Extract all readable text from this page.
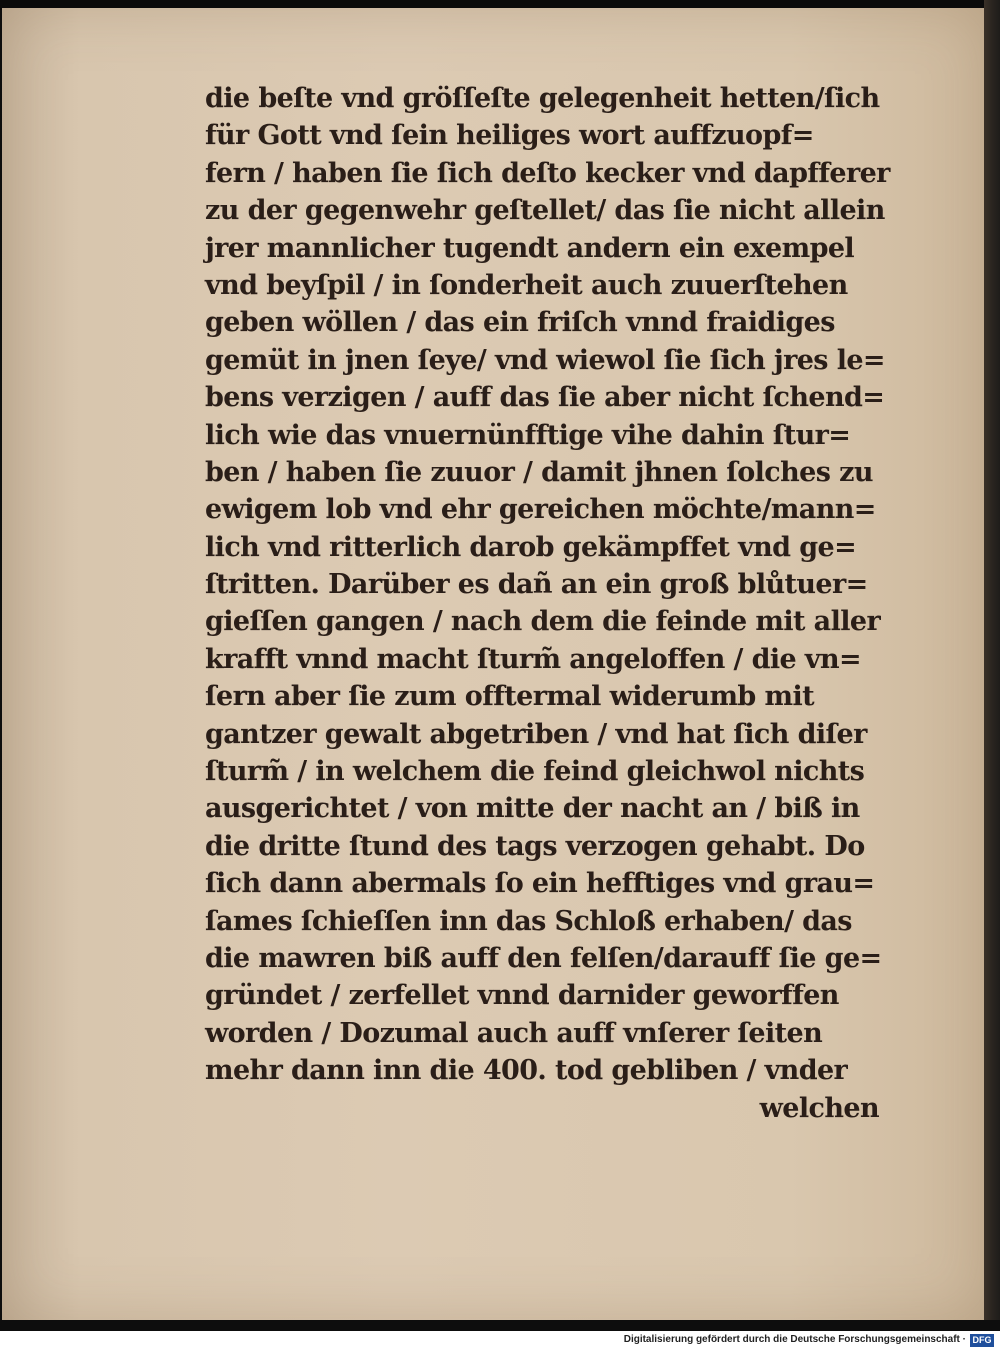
die beſte vnd gröſſeſte gelegenheit hetten/ſich
für Gott vnd ſein heiliges wort auffzuopf=
fern / haben ſie ſich deſto kecker vnd dapfferer
zu der gegenwehr geſtellet/ das ſie nicht allein
jrer mannlicher tugendt andern ein exempel
vnd beyſpil / in ſonderheit auch zuuerſtehen
geben wöllen / das ein friſch vnnd fraidiges
gemüt in jnen ſeye/ vnd wiewol ſie ſich jres le=
bens verzigen / auff das ſie aber nicht ſchend=
lich wie das vnuernünfftige vihe dahin ſtur=
ben / haben ſie zuuor / damit jhnen ſolches zu
ewigem lob vnd ehr gereichen möchte/mann=
lich vnd ritterlich darob gekämpffet vnd ge=
ſtritten. Darüber es dañ an ein groß blůtuer=
gieſſen gangen / nach dem die feinde mit aller
krafft vnnd macht ſturm̃ angeloffen / die vn=
ſern aber ſie zum offtermal widerumb mit
gantzer gewalt abgetriben / vnd hat ſich diſer
ſturm̃ / in welchem die feind gleichwol nichts
ausgerichtet / von mitte der nacht an / biß in
die dritte ſtund des tags verzogen gehabt. Do
ſich dann abermals ſo ein hefftiges vnd grau=
ſames ſchieſſen inn das Schloß erhaben/ das
die mawren biß auff den felſen/darauff ſie ge=
gründet / zerfellet vnnd darnider geworffen
worden / Dozumal auch auff vnſerer ſeiten
mehr dann inn die 400. tod gebliben / vnder
welchen
Digitalisierung gefördert durch die Deutsche Forschungsgemeinschaft · DFG
